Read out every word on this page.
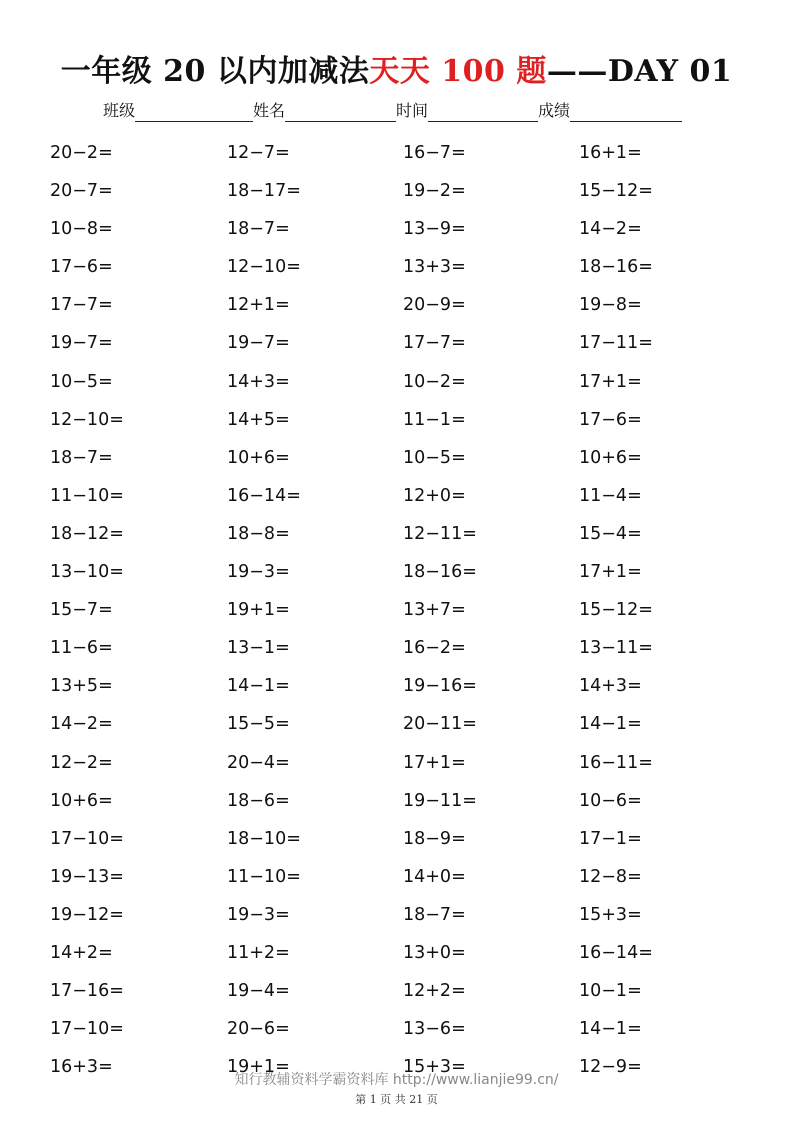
一年级 20 以内加减法天天 100 题——DAY 01
班级	姓名	时间	成绩
20−2=	12−7=	16−7=	16+1=
20−7=	18−17=	19−2=	15−12=
10−8=	18−7=	13−9=	14−2=
17−6=	12−10=	13+3=	18−16=
17−7=	12+1=	20−9=	19−8=
19−7=	19−7=	17−7=	17−11=
10−5=	14+3=	10−2=	17+1=
12−10=	14+5=	11−1=	17−6=
18−7=	10+6=	10−5=	10+6=
11−10=	16−14=	12+0=	11−4=
18−12=	18−8=	12−11=	15−4=
13−10=	19−3=	18−16=	17+1=
15−7=	19+1=	13+7=	15−12=
11−6=	13−1=	16−2=	13−11=
13+5=	14−1=	19−16=	14+3=
14−2=	15−5=	20−11=	14−1=
12−2=	20−4=	17+1=	16−11=
10+6=	18−6=	19−11=	10−6=
17−10=	18−10=	18−9=	17−1=
19−13=	11−10=	14+0=	12−8=
19−12=	19−3=	18−7=	15+3=
14+2=	11+2=	13+0=	16−14=
17−16=	19−4=	12+2=	10−1=
17−10=	20−6=	13−6=	14−1=
16+3=	19+1=	15+3=	12−9=
知行教辅资料学霸资料库 http://www.lianjie99.cn/
第 1 页 共 21 页
